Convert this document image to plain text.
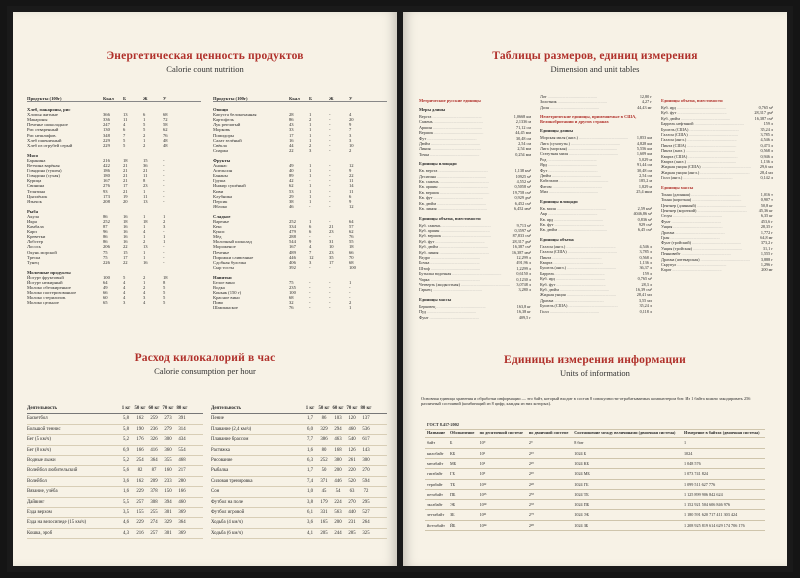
Энергетическая ценность продуктов
Calorie count nutrition
Продукты (100г)	Ккал	Б	Ж	У
Хлеб, макароны, рис
Хлопья житные	366	13	6	68
Макароны	336	11	1	72
Печенье шоколадное	247	4	5	58
Рис отваренный	130	6	5	62
Рис нешлифов.	348	7	2	76
Хлеб пшеничный	229	5	1	48
Хлеб из отрубей серый	229	5	2	48
Мясо
Баранина	216	18	15	-
Ветчина варёная	422	21	36	-
Говядина (тушен)	186	21	21	-
Говядина (сухая)	180	21	11	-
Курица	167	21	8	-
Свинина	276	17	23	-
Телятина	93	21	1	-
Цыплёнок	173	19	11	-
Язычок	208	20	13	-
Рыба
Акула	86	16	1	1
Икра	252	18	18	2
Камбала	87	16	1	3
Карп	96	16	4	-
Креветки	86	16	1	1
Лобстер	86	16	2	1
Лосось	206	22	13	-
Окунь морской	75	15	1	-
Треска	75	17	1	-
Тунец	226	22	16	-
Молочные продукты
Йогурт фруктовый	100	5	2	18
Йогурт нежирный	64	4	1	8
Молоко обезжиренное	49	4	2	5
Молоко пастеризованное	66	4	4	5
Молоко стерилизов.	60	4	3	5
Молоко цельное	65	3	4	5
Продукты (100г)	Ккал	Б	Ж	У
Овощи
Капуста белокочанная	28	1	-	4
Картофель	86	2	-	20
Лук репчатый	43	1	-	9
Морковь	33	1	-	7
Помидоры	17	1	-	3
Салат зелёный	16	1	-	3
Свёкла	44	2	-	10
Спаржа	22	3	-	2
Фрукты
Ананас	49	1	-	12
Апельсин	40	1	-	9
Бананы	89	1	-	22
Груша	42	-	-	11
Инжир сушёный	62	1	-	14
Киви	53	1	-	11
Клубника	29	1	-	6
Персик	38	1	-	9
Яблоко	46	-	-	12
Сладкое
Варенье	252	1	-	64
Кекс	334	6	21	57
Кукис	479	6	23	62
Мёд	288	-	-	76
Молочный шоколад	544	9	31	55
Мороженое	167	4	10	18
Печенье	489	7	23	66
Пирожки сливочные	446	12	35	70
Сдобная булочка	406	3	17	68
Сыр тосты	392	-	-	100
Напитки
Белое вино	75	-	-	1
Водка	235	-	-	-
Коньяк (150 г)	100	-	-	-
Красное вино	68	-	-	-
Пиво	32	-	-	2
Шампанское	76	-	-	1
Расход килокалорий в час
Calorie consumption per hour
Деятельность	1 кг 50 кг 60 кг 70 кг 80 кг
Баскетбол	5,8	162	259	273	391
Большой теннис	5,8	190	236	279	314
Бег (5 км/ч)	5,2	176	326	300	434
Бег (8 км/ч)	6,9	166	416	360	554
Водные лыжи	5,2	254	364	355	468
Волейбол любительский	5,6	82	87	160	217
Волейбол	3,6	162	209	233	280
Вязание, учёба	1,6	229	378	150	166
Дайвинг	5,5	257	308	394	460
Езда верхом	3,5	155	255	301	369
Езда на велосипеде (15 км/ч)	4,6	229	274	329	364
Кошка, эроб	4,3	216	257	301	369
Деятельность	1 кг 50 кг 60 кг 70 кг 80 кг
Пение	1,7	86	103	120	137
Плавание (2,4 км/ч)	6,0	329	294	460	536
Плавание брассом	7,7	386	463	540	617
Растяжка	1,6	80	168	126	143
Рисование	6,3	252	380	261	300
Рыбалка	1,7	50	200	220	270
Силовая тренировка	7,4	371	446	520	594
Сон	1,0	45	54	63	72
Футбол на поле	3,8	179	224	270	295
Футбол игровой	6,1	331	563	440	527
Ходьба (4 км/ч)	3,6	165	200	231	264
Ходьба (6 км/ч)	4,1	205	244	285	325
Таблицы размеров, единиц измерения
Dimension and unit tables
Метрические русские единицы
Меры длины
Верста .....	1,0668 км
Сажень .....	2,1336 м
Аршин .....	71,12 см
Вершок .....	44,45 мм
Фут .....	30,48 см
Дюйм .....	2,54 см
Линия .....	2,54 мм
Точка .....	0,254 мм
Единицы площади
Кв. верста .....	1,138 км²
Десятина .....	10925 м²
Кв. сажень .....	4,552 м²
Кв. аршин .....	0,5058 м²
Кв. вершок .....	19,758 см²
Кв. фут .....	0,929 дм²
Кв. дюйм .....	6,452 см²
Кв. линия .....	6,452 мм²
Единицы объема, вместимости
Куб. сажень .....	9,713 м³
Куб. аршин .....	0,3597 м³
Куб. вершок .....	87,833 см³
Куб. фут .....	28,317 дм³
Куб. дюйм .....	16,387 см³
Куб. линия .....	16,387 мм³
Ведро .....	12,299 л
Бочка .....	491,96 л
Штоф .....	1,2299 л
Бутылка водочная .....	0,6150 л
Чарка .....	0,1230 л
Четверть (жидкостная) .....	3,0748 л
Гарнец .....	3,280 л
Единицы массы
Берковец .....	163,8 кг
Пуд .....	16,38 кг
Фунт .....	409,5 г
Лот .....	12,80 г
Золотник .....	4,27 г
Доля .....	44,43 мг
Неметрические единицы, применяемые в США, Великобритании и других странах
Единицы длины
Морская миля (англ.) .....	1,853 км
Лига (сухопутн.) .....	4,828 км
Лига (морская) .....	5,556 км
Статутная миля .....	1,609 км
Род .....	5,029 м
Ярд .....	91,44 см
Фут .....	30,48 см
Дюйм .....	2,54 см
Кабельтов .....	185,2 м
Фатом .....	1,829 м
Мил .....	25,4 мкм
Единицы площади
Кв. миля .....	2,59 км²
Акр .....	4046,86 м²
Кв. ярд .....	0,836 м²
Кв. фут .....	929 см²
Кв. дюйм .....	6,45 см²
Единицы объема
Галлон (англ.) .....	4,546 л
Галлон (США) .....	3,785 л
Пинта .....	0,568 л
Кварта .....	1,136 л
Бушель (англ.) .....	36,37 л
Баррель .....	159 л
Куб. ярд .....	0,765 м³
Куб. фут .....	28,3 л
Куб. дюйм .....	16,39 см³
Жидкая унция .....	28,41 мл
Драхма .....	3,55 мл
Бушель (США) .....	35,24 л
Гилл .....	0,118 л
Единицы объема, вместимости
Куб. ярд .....	0,765 м³
Куб. фут .....	28,317 дм³
Куб. дюйм .....	16,387 см³
Баррель нефтяной .....	159 л
Бушель (США) .....	35,24 л
Галлон (США) .....	3,785 л
Галлон (англ.) .....	4,546 л
Пинта (США) .....	0,473 л
Пинта (англ.) .....	0,568 л
Кварта (США) .....	0,946 л
Кварта (англ.) .....	1,136 л
Жидкая унция (США) .....	29,6 мл
Жидкая унция (англ.) .....	28,4 мл
Гилл (англ.) .....	0,142 л
Единицы массы
Тонна (длинная) .....	1,016 т
Тонна (короткая) .....	0,907 т
Центнер (длинный) .....	50,8 кг
Центнер (короткий) .....	45,36 кг
Стоун .....	6,35 кг
Фунт .....	453,6 г
Унция .....	28,35 г
Драхма .....	1,772 г
Гран .....	64,8 мг
Фунт (тройский) .....	373,2 г
Унция (тройская) .....	31,1 г
Пеннивейт .....	1,555 г
Драхма (аптекарская) .....	3,888 г
Скрупул .....	1,296 г
Карат .....	200 мг
Единицы измерения информации
Units of information
Основная единица хранения и обработки информации — это байт, который входит в состав 8 совокупности-отрабатываемых компьютером бит. Из 1 байта можно закодировать 256 различный состояний (комбинаций из 8 цифр, каждая из них которых).
ГОСТ 8.417-2002					
Название	Обозначение	по десятичной системе	по двоичной системе	Соотношение между величинами (двоичная система)	Измерение в байтах (двоичная система)
байт	Б	10⁰	2⁰	8 бит	1
килобайт	КБ	10³	2¹⁰	1024 Б	1024
мегабайт	МБ	10⁶	2²⁰	1024 КБ	1 048 576
гигабайт	ГБ	10⁹	2³⁰	1024 МБ	1 073 741 824
терабайт	ТБ	10¹²	2⁴⁰	1024 ГБ	1 099 511 627 776
петабайт	ПБ	10¹⁵	2⁵⁰	1024 ТБ	1 125 899 906 842 624
эксабайт	ЭБ	10¹⁸	2⁶⁰	1024 ПБ	1 152 921 504 606 846 976
зеттабайт	ЗБ	10²¹	2⁷⁰	1024 ЭБ	1 180 591 620 717 411 303 424
йоттабайт	ЙБ	10²⁴	2⁸⁰	1024 ЗБ	1 208 925 819 614 629 174 706 176
